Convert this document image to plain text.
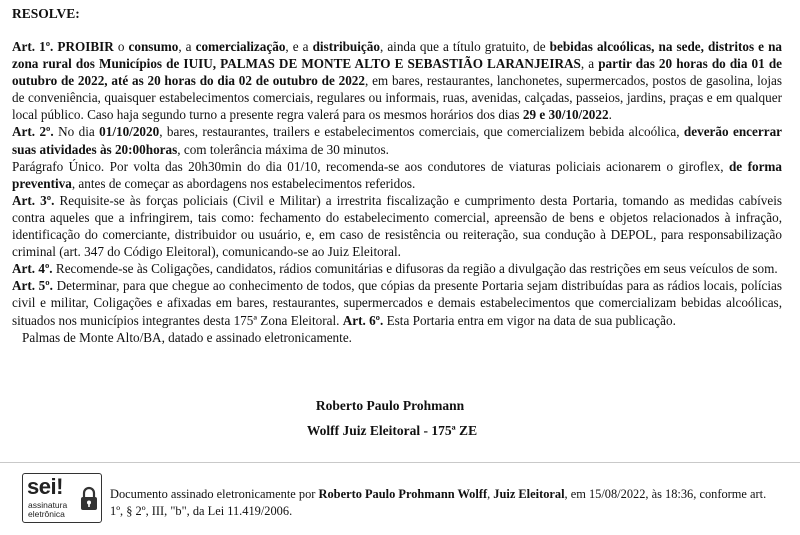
RESOLVE:

Art. 1º. PROIBIR o consumo, a comercialização, e a distribuição, ainda que a título gratuito, de bebidas alcoólicas, na sede, distritos e na zona rural dos Municípios de IUIU, PALMAS DE MONTE ALTO E SEBASTIÃO LARANJEIRAS, a partir das 20 horas do dia 01 de outubro de 2022, até as 20 horas do dia 02 de outubro de 2022, em bares, restaurantes, lanchonetes, supermercados, postos de gasolina, lojas de conveniência, quaisquer estabelecimentos comerciais, regulares ou informais, ruas, avenidas, calçadas, passeios, jardins, praças e em qualquer local público. Caso haja segundo turno a presente regra valerá para os mesmos horários dos dias 29 e 30/10/2022.

Art. 2º. No dia 01/10/2020, bares, restaurantes, trailers e estabelecimentos comerciais, que comercializem bebida alcoólica, deverão encerrar suas atividades às 20:00horas, com tolerância máxima de 30 minutos.

Parágrafo Único. Por volta das 20h30min do dia 01/10, recomenda-se aos condutores de viaturas policiais acionarem o giroflex, de forma preventiva, antes de começar as abordagens nos estabelecimentos referidos.

Art. 3º. Requisite-se às forças policiais (Civil e Militar) a irrestrita fiscalização e cumprimento desta Portaria, tomando as medidas cabíveis contra aqueles que a infringirem, tais como: fechamento do estabelecimento comercial, apreensão de bens e objetos relacionados à infração, identificação do comerciante, distribuidor ou usuário, e, em caso de resistência ou reiteração, sua condução à DEPOL, para responsabilização criminal (art. 347 do Código Eleitoral), comunicando-se ao Juiz Eleitoral.

Art. 4º. Recomende-se às Coligações, candidatos, rádios comunitárias e difusoras da região a divulgação das restrições em seus veículos de som.

Art. 5º. Determinar, para que chegue ao conhecimento de todos, que cópias da presente Portaria sejam distribuídas para as rádios locais, polícias civil e militar, Coligações e afixadas em bares, restaurantes, supermercados e demais estabelecimentos que comercializam bebidas alcoólicas, situados nos municípios integrantes desta 175ª Zona Eleitoral. Art. 6º. Esta Portaria entra em vigor na data de sua publicação.

Palmas de Monte Alto/BA, datado e assinado eletronicamente.

Roberto Paulo Prohmann
Wolff Juiz Eleitoral - 175ª ZE
sei!
assinatura
eletrônica
Documento assinado eletronicamente por Roberto Paulo Prohmann Wolff, Juiz Eleitoral, em 15/08/2022, às 18:36, conforme art. 1º, § 2º, III, "b", da Lei 11.419/2006.
